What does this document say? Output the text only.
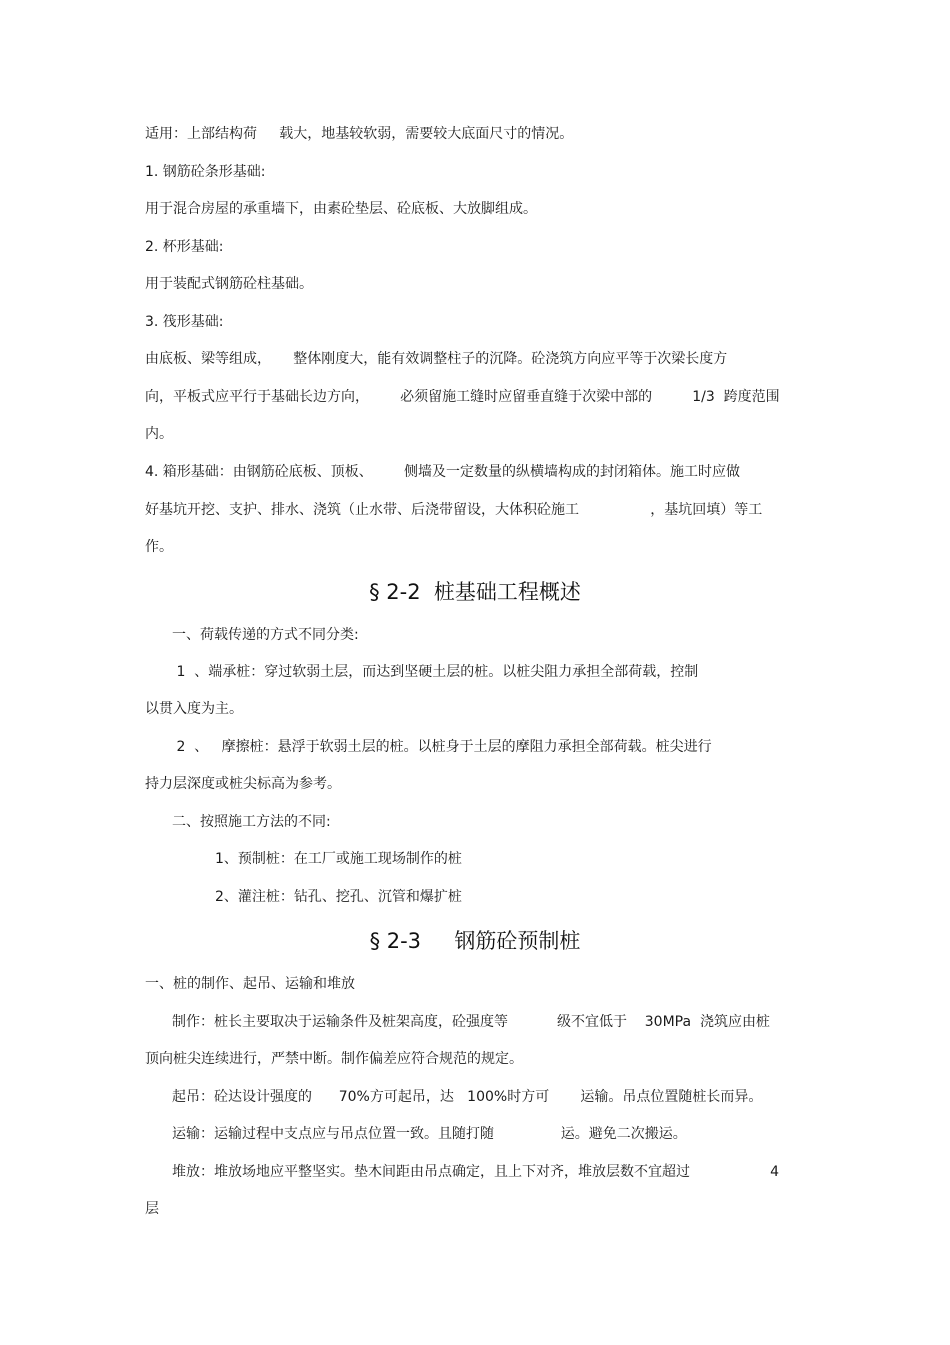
适用：上部结构荷     载大，地基较软弱，需要较大底面尺寸的情况。
1. 钢筋砼条形基础:
用于混合房屋的承重墙下，由素砼垫层、砼底板、大放脚组成。
2. 杯形基础:
用于装配式钢筋砼柱基础。
3. 筏形基础:
由底板、梁等组成，     整体刚度大，能有效调整柱子的沉降。砼浇筑方向应平等于次梁长度方
向，平板式应平行于基础长边方向，       必须留施工缝时应留垂直缝于次梁中部的         1/3  跨度范围
内。
4. 箱形基础：由钢筋砼底板、顶板、       侧墙及一定数量的纵横墙构成的封闭箱体。施工时应做
好基坑开挖、支护、排水、浇筑（止水带、后浇带留设，大体积砼施工                ，基坑回填）等工
作。
§ 2-2  桩基础工程概述
一、荷载传递的方式不同分类:
1  、端承桩：穿过软弱土层，而达到坚硬土层的桩。以桩尖阻力承担全部荷载，控制
以贯入度为主。
2  、   摩擦桩：悬浮于软弱土层的桩。以桩身于土层的摩阻力承担全部荷载。桩尖进行
持力层深度或桩尖标高为参考。
二、按照施工方法的不同:
1、预制桩：在工厂或施工现场制作的桩
2、灌注桩：钻孔、挖孔、沉管和爆扩桩
§ 2-3     钢筋砼预制桩
一、桩的制作、起吊、运输和堆放
制作：桩长主要取决于运输条件及桩架高度，砼强度等           级不宜低于    30MPa  浇筑应由桩
顶向桩尖连续进行，严禁中断。制作偏差应符合规范的规定。
起吊：砼达设计强度的      70%方可起吊，达   100%时方可       运输。吊点位置随桩长而异。
运输：运输过程中支点应与吊点位置一致。且随打随               运。避免二次搬运。
堆放：堆放场地应平整坚实。垫木间距由吊点确定，且上下对齐，堆放层数不宜超过                  4
层
